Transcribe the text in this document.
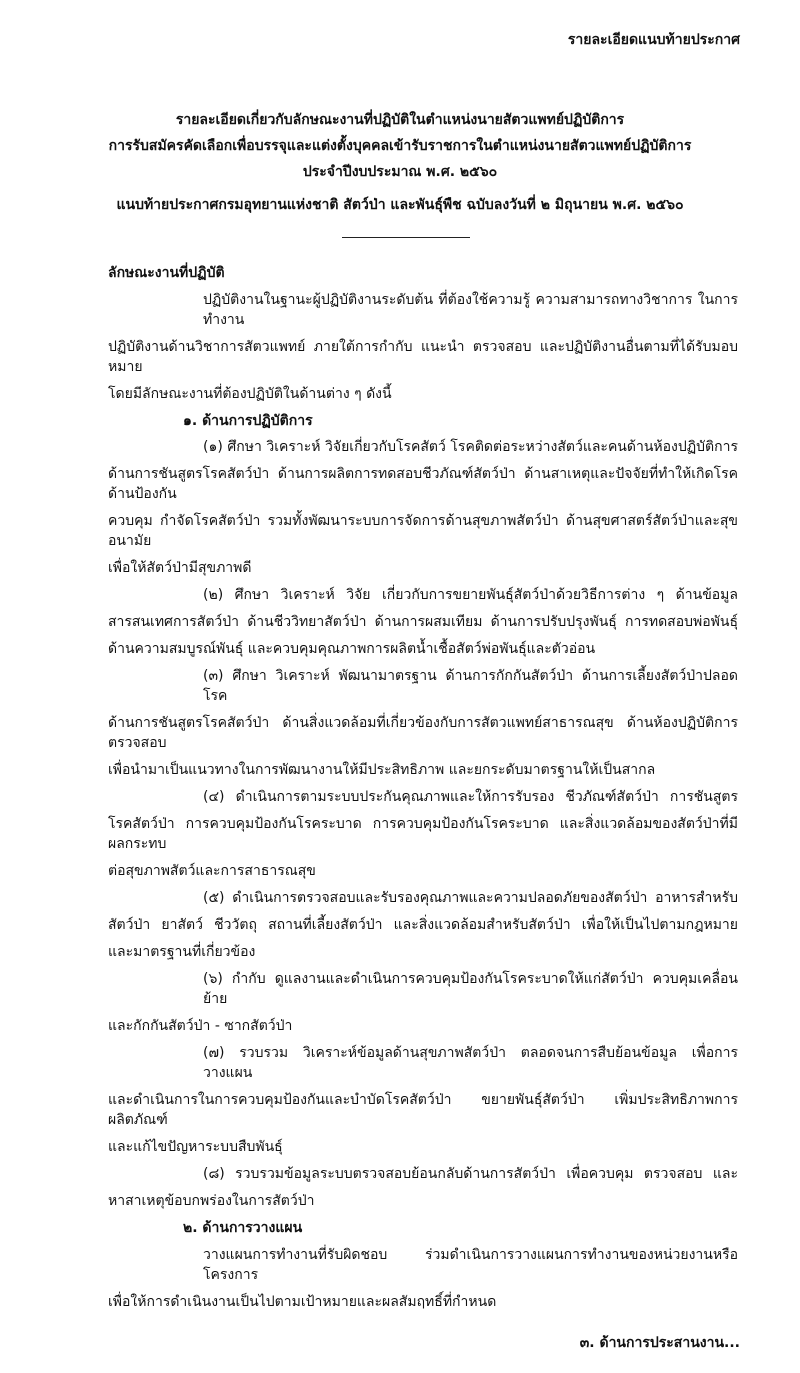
รายละเอียดแนบท้ายประกาศ
รายละเอียดเกี่ยวกับลักษณะงานที่ปฏิบัติในตำแหน่งนายสัตวแพทย์ปฏิบัติการ
การรับสมัครคัดเลือกเพื่อบรรจุและแต่งตั้งบุคคลเข้ารับราชการในตำแหน่งนายสัตวแพทย์ปฏิบัติการ
ประจำปีงบประมาณ พ.ศ. ๒๕๖๐
แนบท้ายประกาศกรมอุทยานแห่งชาติ สัตว์ป่า และพันธุ์พืช ฉบับลงวันที่ ๒ มิถุนายน พ.ศ. ๒๕๖๐
ลักษณะงานที่ปฏิบัติ
ปฏิบัติงานในฐานะผู้ปฏิบัติงานระดับต้น ที่ต้องใช้ความรู้ ความสามารถทางวิชาการ ในการทำงาน
ปฏิบัติงานด้านวิชาการสัตวแพทย์ ภายใต้การกำกับ แนะนำ ตรวจสอบ และปฏิบัติงานอื่นตามที่ได้รับมอบหมาย
โดยมีลักษณะงานที่ต้องปฏิบัติในด้านต่าง ๆ ดังนี้
๑. ด้านการปฏิบัติการ
(๑) ศึกษา วิเคราะห์ วิจัยเกี่ยวกับโรคสัตว์ โรคติดต่อระหว่างสัตว์และคนด้านห้องปฏิบัติการ
ด้านการชันสูตรโรคสัตว์ป่า ด้านการผลิตการทดสอบชีวภัณฑ์สัตว์ป่า ด้านสาเหตุและปัจจัยที่ทำให้เกิดโรค ด้านป้องกัน
ควบคุม กำจัดโรคสัตว์ป่า รวมทั้งพัฒนาระบบการจัดการด้านสุขภาพสัตว์ป่า ด้านสุขศาสตร์สัตว์ป่าและสุขอนามัย
เพื่อให้สัตว์ป่ามีสุขภาพดี
(๒) ศึกษา วิเคราะห์ วิจัย เกี่ยวกับการขยายพันธุ์สัตว์ป่าด้วยวิธีการต่าง ๆ ด้านข้อมูล
สารสนเทศการสัตว์ป่า ด้านชีววิทยาสัตว์ป่า ด้านการผสมเทียม ด้านการปรับปรุงพันธุ์ การทดสอบพ่อพันธุ์
ด้านความสมบูรณ์พันธุ์ และควบคุมคุณภาพการผลิตน้ำเชื้อสัตว์พ่อพันธุ์และตัวอ่อน
(๓) ศึกษา วิเคราะห์ พัฒนามาตรฐาน ด้านการกักกันสัตว์ป่า ด้านการเลี้ยงสัตว์ป่าปลอดโรค
ด้านการชันสูตรโรคสัตว์ป่า ด้านสิ่งแวดล้อมที่เกี่ยวข้องกับการสัตวแพทย์สาธารณสุข ด้านห้องปฏิบัติการตรวจสอบ
เพื่อนำมาเป็นแนวทางในการพัฒนางานให้มีประสิทธิภาพ และยกระดับมาตรฐานให้เป็นสากล
(๔) ดำเนินการตามระบบประกันคุณภาพและให้การรับรอง ชีวภัณฑ์สัตว์ป่า การชันสูตร
โรคสัตว์ป่า การควบคุมป้องกันโรคระบาด การควบคุมป้องกันโรคระบาด และสิ่งแวดล้อมของสัตว์ป่าที่มีผลกระทบ
ต่อสุขภาพสัตว์และการสาธารณสุข
(๕) ดำเนินการตรวจสอบและรับรองคุณภาพและความปลอดภัยของสัตว์ป่า อาหารสำหรับ
สัตว์ป่า ยาสัตว์ ชีววัตถุ สถานที่เลี้ยงสัตว์ป่า และสิ่งแวดล้อมสำหรับสัตว์ป่า เพื่อให้เป็นไปตามกฎหมาย
และมาตรฐานที่เกี่ยวข้อง
(๖) กำกับ ดูแลงานและดำเนินการควบคุมป้องกันโรคระบาดให้แก่สัตว์ป่า ควบคุมเคลื่อนย้าย
และกักกันสัตว์ป่า - ซากสัตว์ป่า
(๗) รวบรวม วิเคราะห์ข้อมูลด้านสุขภาพสัตว์ป่า ตลอดจนการสืบย้อนข้อมูล เพื่อการวางแผน
และดำเนินการในการควบคุมป้องกันและบำบัดโรคสัตว์ป่า ขยายพันธุ์สัตว์ป่า เพิ่มประสิทธิภาพการผลิตภัณฑ์
และแก้ไขปัญหาระบบสืบพันธุ์
(๘) รวบรวมข้อมูลระบบตรวจสอบย้อนกลับด้านการสัตว์ป่า เพื่อควบคุม ตรวจสอบ และ
หาสาเหตุข้อบกพร่องในการสัตว์ป่า
๒. ด้านการวางแผน
วางแผนการทำงานที่รับผิดชอบ ร่วมดำเนินการวางแผนการทำงานของหน่วยงานหรือโครงการ
เพื่อให้การดำเนินงานเป็นไปตามเป้าหมายและผลสัมฤทธิ์ที่กำหนด
๓. ด้านการประสานงาน...
